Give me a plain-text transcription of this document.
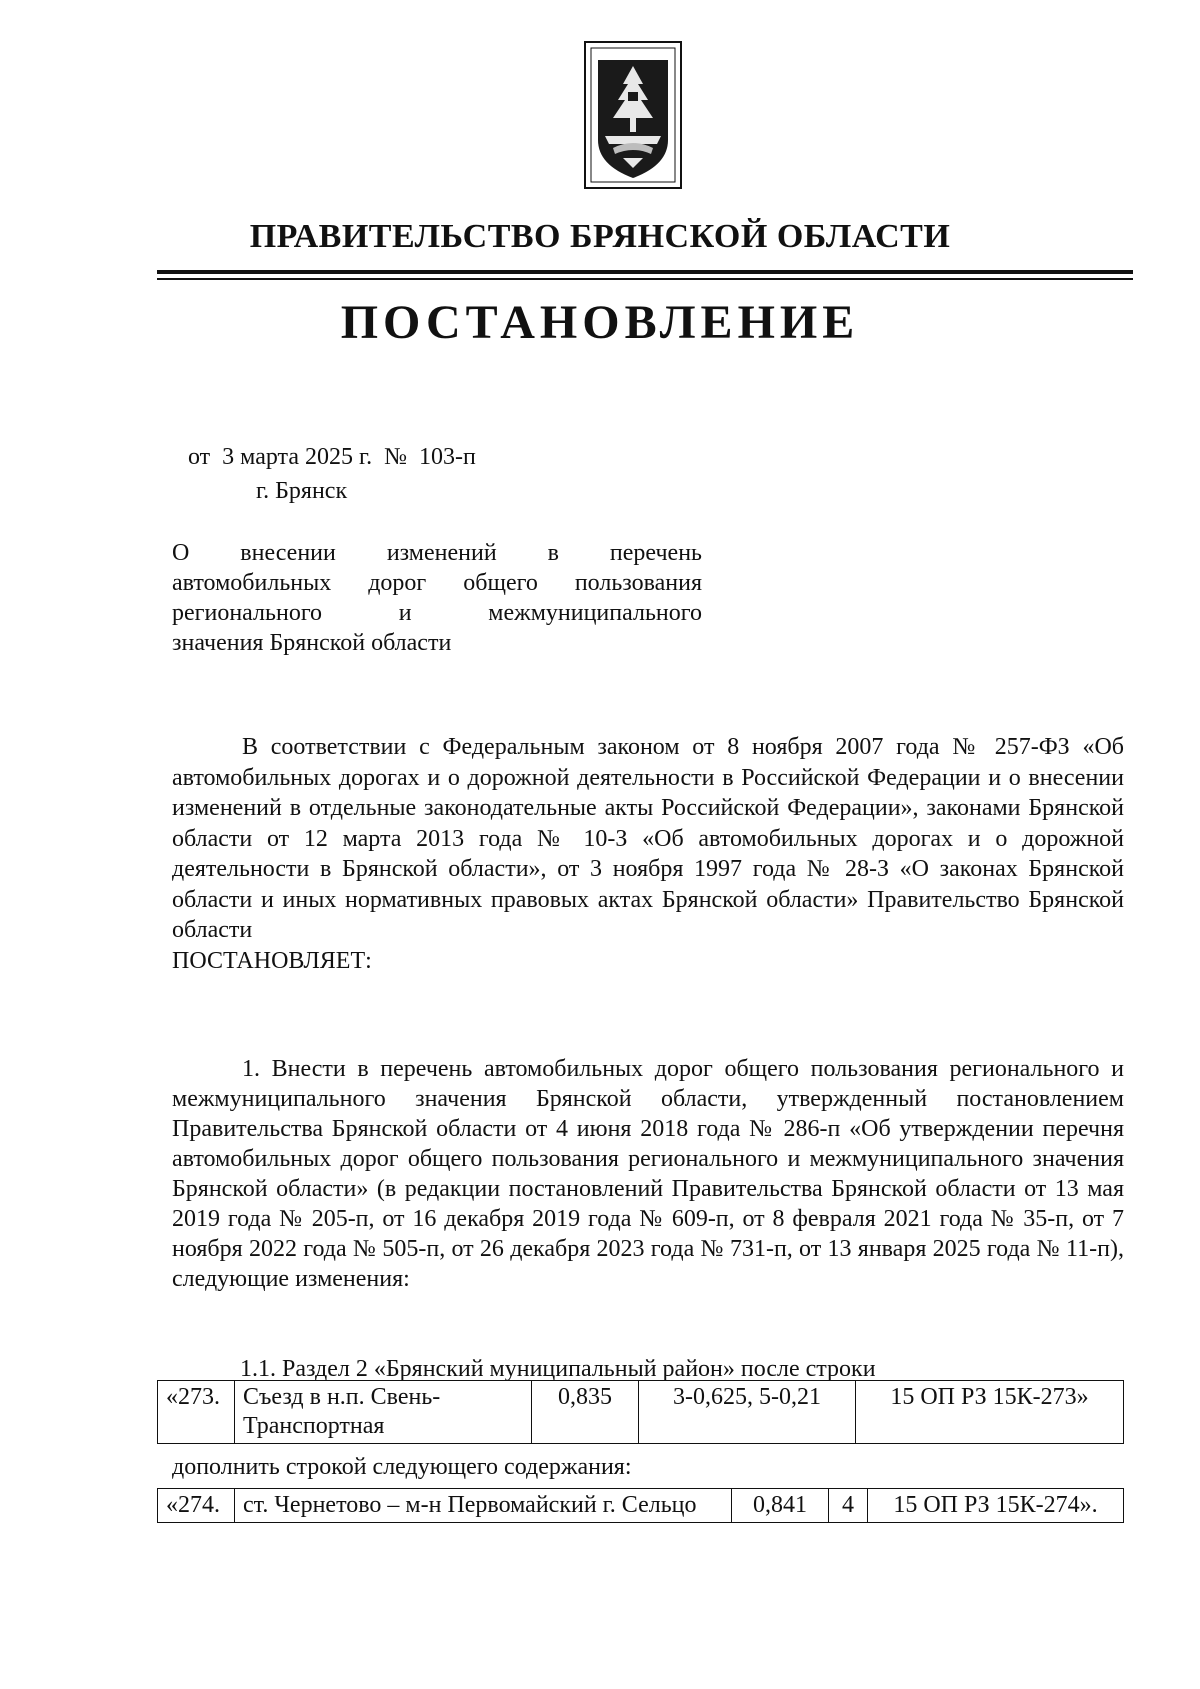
ПРАВИТЕЛЬСТВО БРЯНСКОЙ ОБЛАСТИ
ПОСТАНОВЛЕНИЕ
от 3 марта 2025 г. № 103-п
г. Брянск
О внесении изменений в перечень
автомобильных дорог общего пользования
регионального и межмуниципального
значения Брянской области

В соответствии с Федеральным законом от 8 ноября 2007 года № 257-ФЗ «Об автомобильных дорогах и о дорожной деятельности в Российской Федерации и о внесении изменений в отдельные законодательные акты Российской Федерации», законами Брянской области от 12 марта 2013 года № 10-З «Об автомобильных дорогах и о дорожной деятельности в Брянской области», от 3 ноября 1997 года № 28-З «О законах Брянской области и иных нормативных правовых актах Брянской области» Правительство Брянской области

ПОСТАНОВЛЯЕТ:

1. Внести в перечень автомобильных дорог общего пользования регионального и межмуниципального значения Брянской области, утвержденный постановлением Правительства Брянской области от 4 июня 2018 года № 286-п «Об утверждении перечня автомобильных дорог общего пользования регионального и межмуниципального значения Брянской области» (в редакции постановлений Правительства Брянской области от 13 мая 2019 года № 205-п, от 16 декабря 2019 года № 609-п, от 8 февраля 2021 года № 35-п, от 7 ноября 2022 года № 505-п, от 26 декабря 2023 года № 731-п, от 13 января 2025 года № 11-п), следующие изменения:

1.1. Раздел 2 «Брянский муниципальный район» после строки
«273.	Съезд в н.п. Свень-Транспортная	0,835	3-0,625, 5-0,21	15 ОП РЗ 15К-273»
дополнить строкой следующего содержания:
«274.	ст. Чернетово – м-н Первомайский г. Сельцо	0,841	4	15 ОП РЗ 15К-274».
